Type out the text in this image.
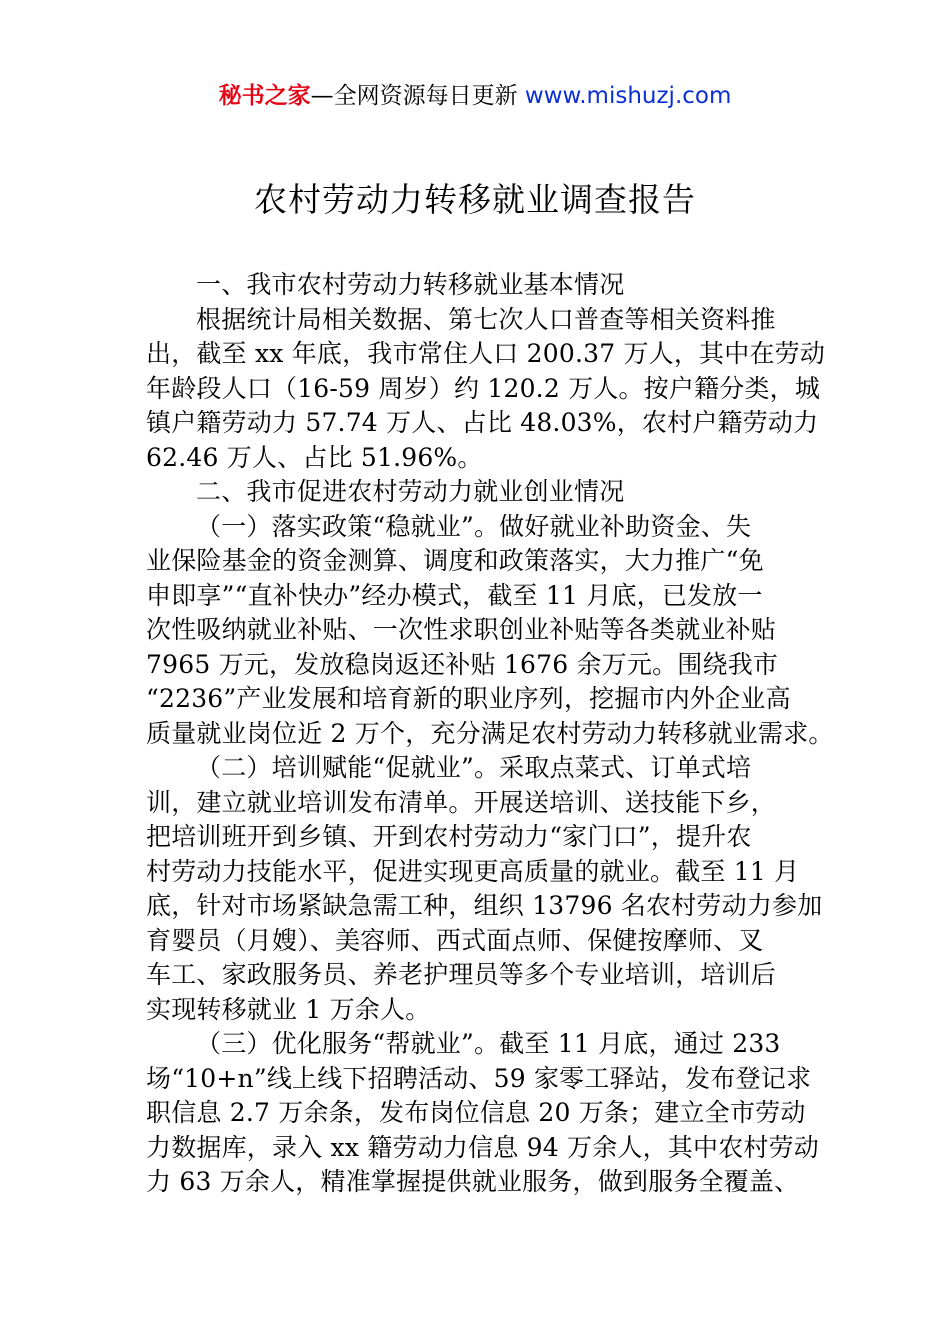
秘书之家—全网资源每日更新 www.mishuzj.com
农村劳动力转移就业调查报告
一、我市农村劳动力转移就业基本情况
根据统计局相关数据、第七次人口普查等相关资料推
出，截至 xx 年底，我市常住人口 200.37 万人，其中在劳动
年龄段人口（16-59 周岁）约 120.2 万人。按户籍分类，城
镇户籍劳动力 57.74 万人、占比 48.03%，农村户籍劳动力
62.46 万人、占比 51.96%。
二、我市促进农村劳动力就业创业情况
（一）落实政策“稳就业”。做好就业补助资金、失
业保险基金的资金测算、调度和政策落实，大力推广“免
申即享”“直补快办”经办模式，截至 11 月底，已发放一
次性吸纳就业补贴、一次性求职创业补贴等各类就业补贴
7965 万元，发放稳岗返还补贴 1676 余万元。围绕我市
“2236”产业发展和培育新的职业序列，挖掘市内外企业高
质量就业岗位近 2 万个，充分满足农村劳动力转移就业需求。
（二）培训赋能“促就业”。采取点菜式、订单式培
训，建立就业培训发布清单。开展送培训、送技能下乡，
把培训班开到乡镇、开到农村劳动力“家门口”，提升农
村劳动力技能水平，促进实现更高质量的就业。截至 11 月
底，针对市场紧缺急需工种，组织 13796 名农村劳动力参加
育婴员（月嫂）、美容师、西式面点师、保健按摩师、叉
车工、家政服务员、养老护理员等多个专业培训，培训后
实现转移就业 1 万余人。
（三）优化服务“帮就业”。截至 11 月底，通过 233
场“10+n”线上线下招聘活动、59 家零工驿站，发布登记求
职信息 2.7 万余条，发布岗位信息 20 万条；建立全市劳动
力数据库，录入 xx 籍劳动力信息 94 万余人，其中农村劳动
力 63 万余人，精准掌握提供就业服务，做到服务全覆盖、
